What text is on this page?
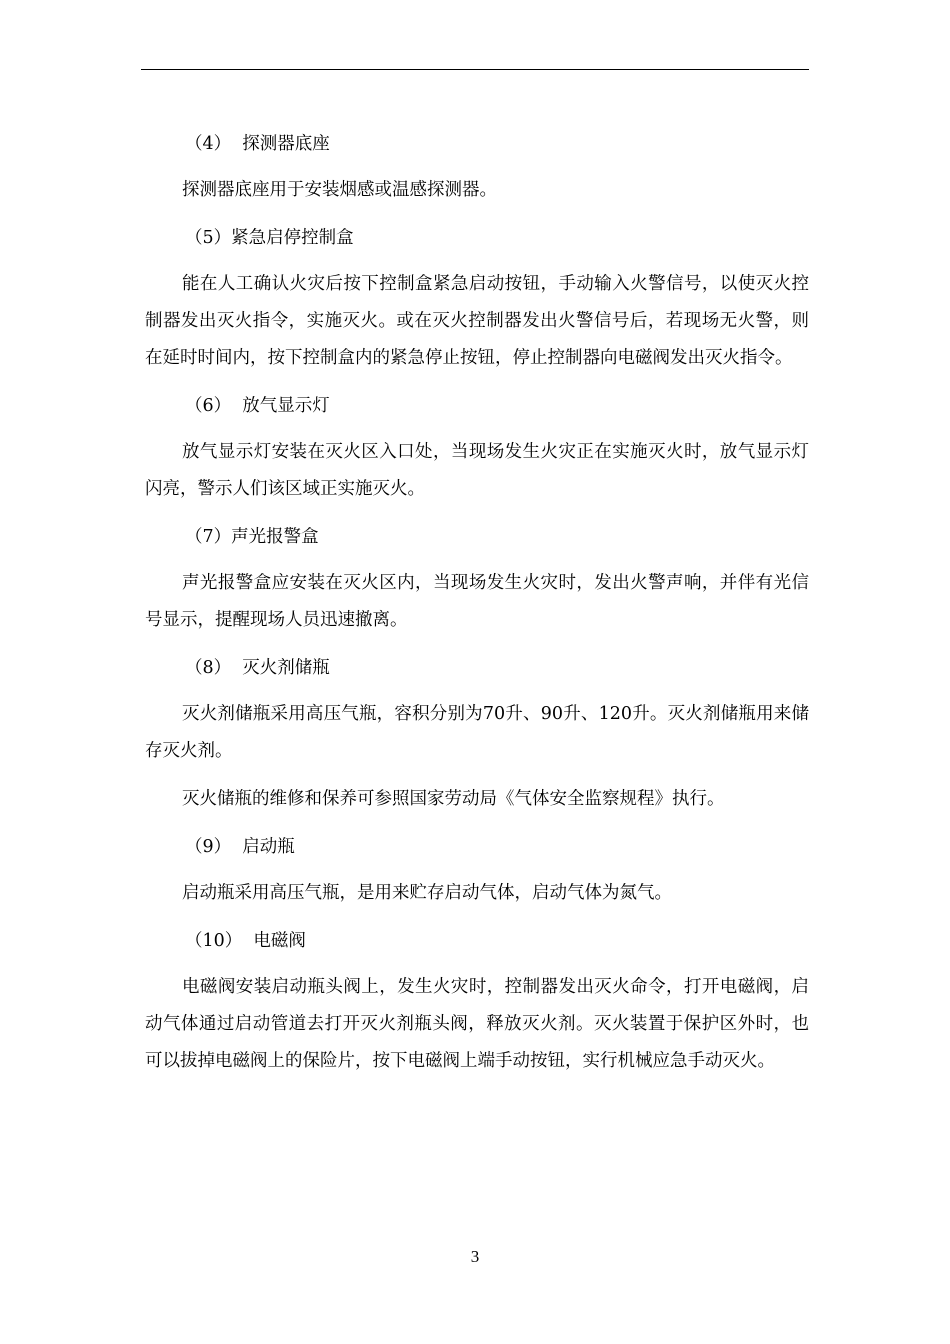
（4）  探测器底座
探测器底座用于安装烟感或温感探测器。
（5）紧急启停控制盒
能在人工确认火灾后按下控制盒紧急启动按钮，手动输入火警信号，以使灭火控制器发出灭火指令，实施灭火。或在灭火控制器发出火警信号后，若现场无火警，则在延时时间内，按下控制盒内的紧急停止按钮，停止控制器向电磁阀发出灭火指令。
（6）  放气显示灯
放气显示灯安装在灭火区入口处，当现场发生火灾正在实施灭火时，放气显示灯闪亮，警示人们该区域正实施灭火。
（7）声光报警盒
声光报警盒应安装在灭火区内，当现场发生火灾时，发出火警声响，并伴有光信号显示，提醒现场人员迅速撤离。
（8）  灭火剂储瓶
灭火剂储瓶采用高压气瓶，容积分别为70升、90升、120升。灭火剂储瓶用来储存灭火剂。
灭火储瓶的维修和保养可参照国家劳动局《气体安全监察规程》执行。
（9）  启动瓶
启动瓶采用高压气瓶，是用来贮存启动气体，启动气体为氮气。
（10）  电磁阀
电磁阀安装启动瓶头阀上，发生火灾时，控制器发出灭火命令，打开电磁阀，启动气体通过启动管道去打开灭火剂瓶头阀，释放灭火剂。灭火装置于保护区外时，也可以拔掉电磁阀上的保险片，按下电磁阀上端手动按钮，实行机械应急手动灭火。
3
